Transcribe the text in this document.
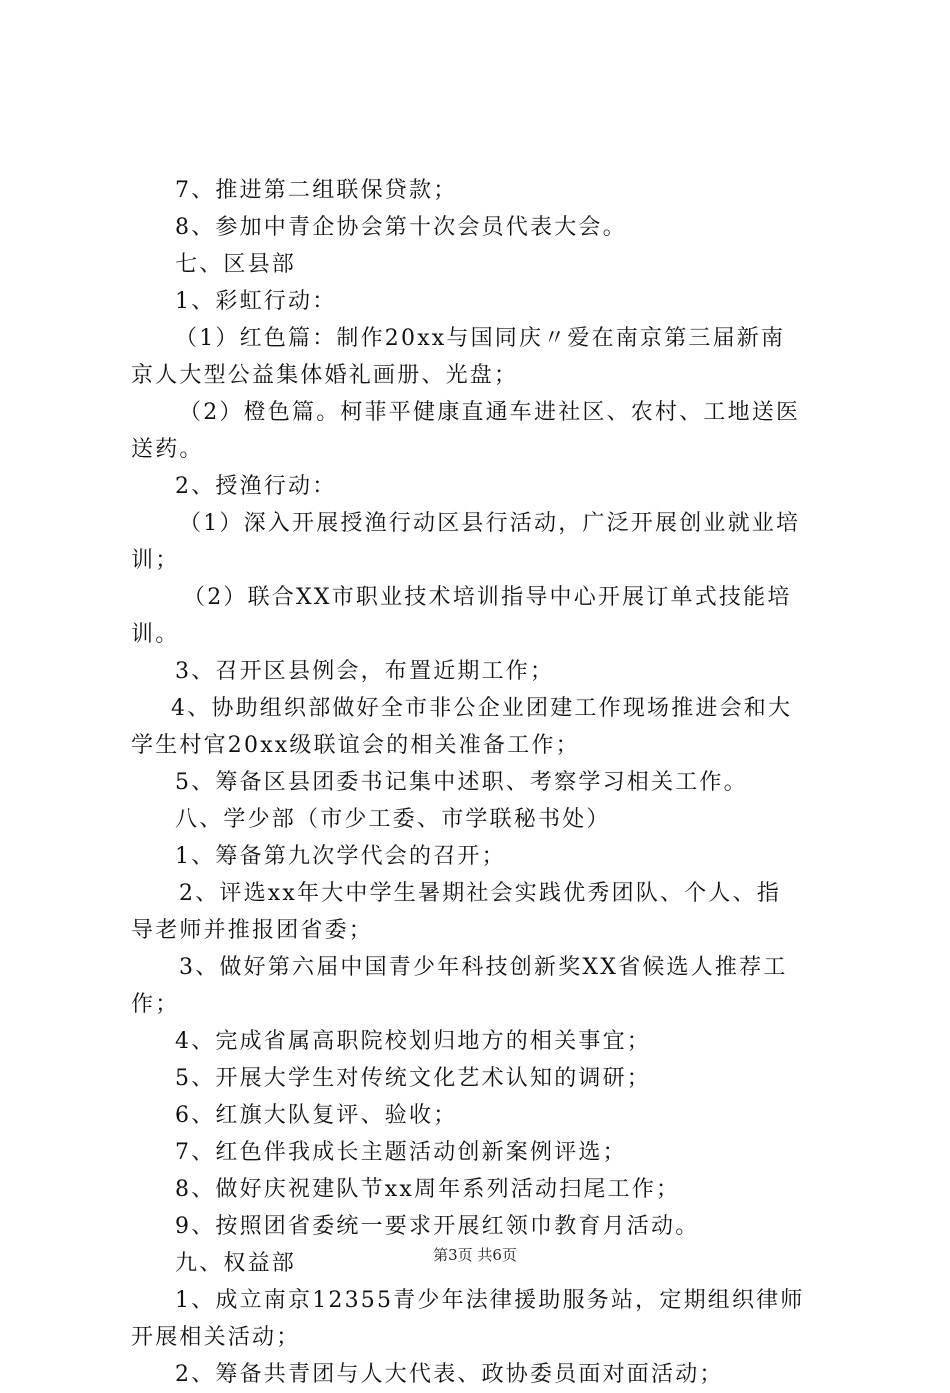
7、推进第二组联保贷款；
8、参加中青企协会第十次会员代表大会。
七、区县部
1、彩虹行动：
（1）红色篇：制作20xx与国同庆〃爱在南京第三届新南
京人大型公益集体婚礼画册、光盘；
（2）橙色篇。柯菲平健康直通车进社区、农村、工地送医
送药。
2、授渔行动：
（1）深入开展授渔行动区县行活动，广泛开展创业就业培
训；
（2）联合XX市职业技术培训指导中心开展订单式技能培
训。
3、召开区县例会，布置近期工作；
4、协助组织部做好全市非公企业团建工作现场推进会和大
学生村官20xx级联谊会的相关准备工作；
5、筹备区县团委书记集中述职、考察学习相关工作。
八、学少部（市少工委、市学联秘书处）
1、筹备第九次学代会的召开；
2、评选xx年大中学生暑期社会实践优秀团队、个人、指
导老师并推报团省委；
3、做好第六届中国青少年科技创新奖XX省候选人推荐工
作；
4、完成省属高职院校划归地方的相关事宜；
5、开展大学生对传统文化艺术认知的调研；
6、红旗大队复评、验收；
7、红色伴我成长主题活动创新案例评选；
8、做好庆祝建队节xx周年系列活动扫尾工作；
9、按照团省委统一要求开展红领巾教育月活动。
九、权益部
1、成立南京12355青少年法律援助服务站，定期组织律师
开展相关活动；
2、筹备共青团与人大代表、政协委员面对面活动；
第3页 共6页
